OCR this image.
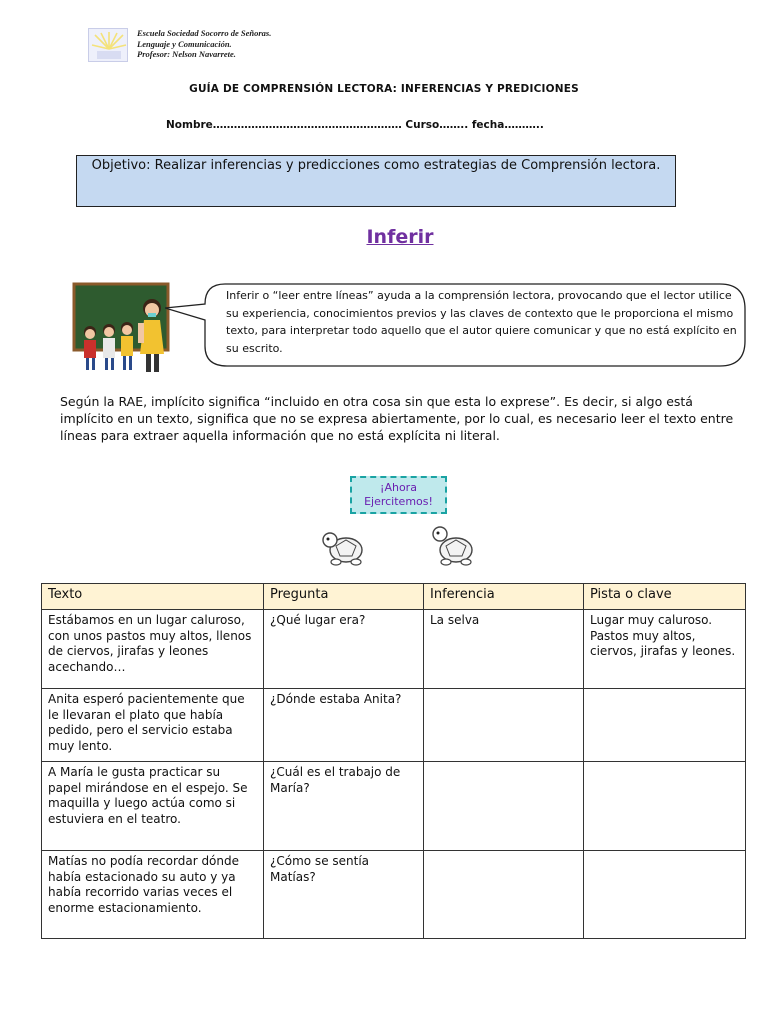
Escuela Sociedad Socorro de Señoras.
Lenguaje y Comunicación.
Profesor: Nelson Navarrete.
GUÍA DE COMPRENSIÓN LECTORA: INFERENCIAS Y PREDICIONES
Nombre……………………………………………… Curso…….. fecha………..
Objetivo: Realizar inferencias y predicciones como estrategias de Comprensión lectora.
Inferir
Inferir o “leer entre líneas” ayuda a la comprensión lectora, provocando que el lector utilice su experiencia, conocimientos previos y las claves de contexto que le proporciona el mismo texto, para interpretar todo aquello que el autor quiere comunicar y que no está explícito en su escrito.
Según la RAE, implícito significa “incluido en otra cosa sin que esta lo exprese”. Es decir, si algo está implícito en un texto, significa que no se expresa abiertamente, por lo cual, es necesario leer el texto entre líneas para extraer aquella información que no está explícita ni literal.
¡Ahora Ejercitemos!
Texto	Pregunta	Inferencia	Pista o clave
Estábamos en un lugar caluroso, con unos pastos muy altos, llenos de ciervos, jirafas y leones acechando…	¿Qué lugar era?	La selva	Lugar muy caluroso. Pastos muy altos, ciervos, jirafas y leones.
Anita esperó pacientemente que le llevaran el plato que había pedido, pero el servicio estaba muy lento.	¿Dónde estaba Anita?		
A María le gusta practicar su papel mirándose en el espejo. Se maquilla y luego actúa como si estuviera en el teatro.	¿Cuál es el trabajo de María?		
Matías no podía recordar dónde había estacionado su auto y ya había recorrido varias veces el enorme estacionamiento.	¿Cómo se sentía Matías?		
